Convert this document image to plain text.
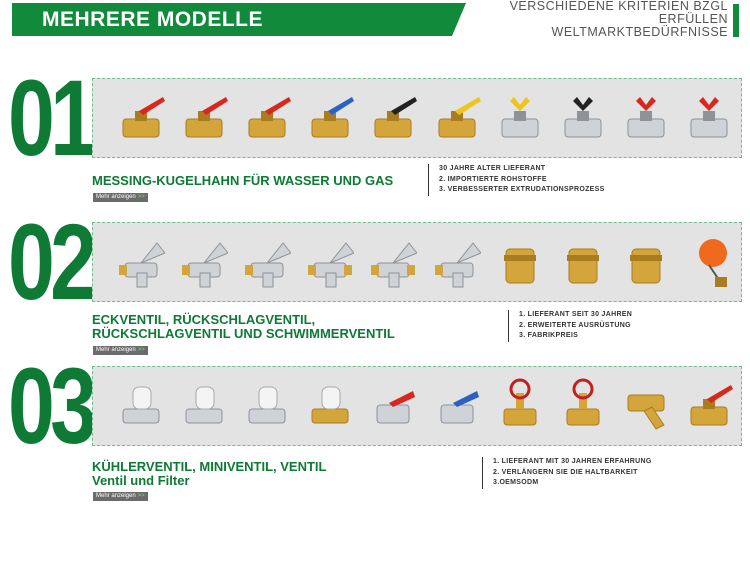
MEHRERE MODELLE
VERSCHIEDENE KRITERIEN BZGL
ERFÜLLEN
WELTMARKTBEDÜRFNISSE
01
MESSING-KUGELHAHN FÜR WASSER UND GAS
Mehr anzeigen >>
30 JAHRE ALTER LIEFERANT
2. IMPORTIERTE ROHSTOFFE
3. VERBESSERTER EXTRUDATIONSPROZESS
02 ECKVENTIL, RÜCKSCHLAGVENTIL,
RÜCKSCHLAGVENTIL UND SCHWIMMERVENTIL
Mehr anzeigen >>
1. LIEFERANT SEIT 30 JAHREN
2. ERWEITERTE AUSRÜSTUNG
3. FABRIKPREIS
03
KÜHLERVENTIL, MINIVENTIL, VENTIL
Ventil und Filter
Mehr anzeigen >>
1. LIEFERANT MIT 30 JAHREN ERFAHRUNG
2. VERLÄNGERN SIE DIE HALTBARKEIT
3.OEMSODM
